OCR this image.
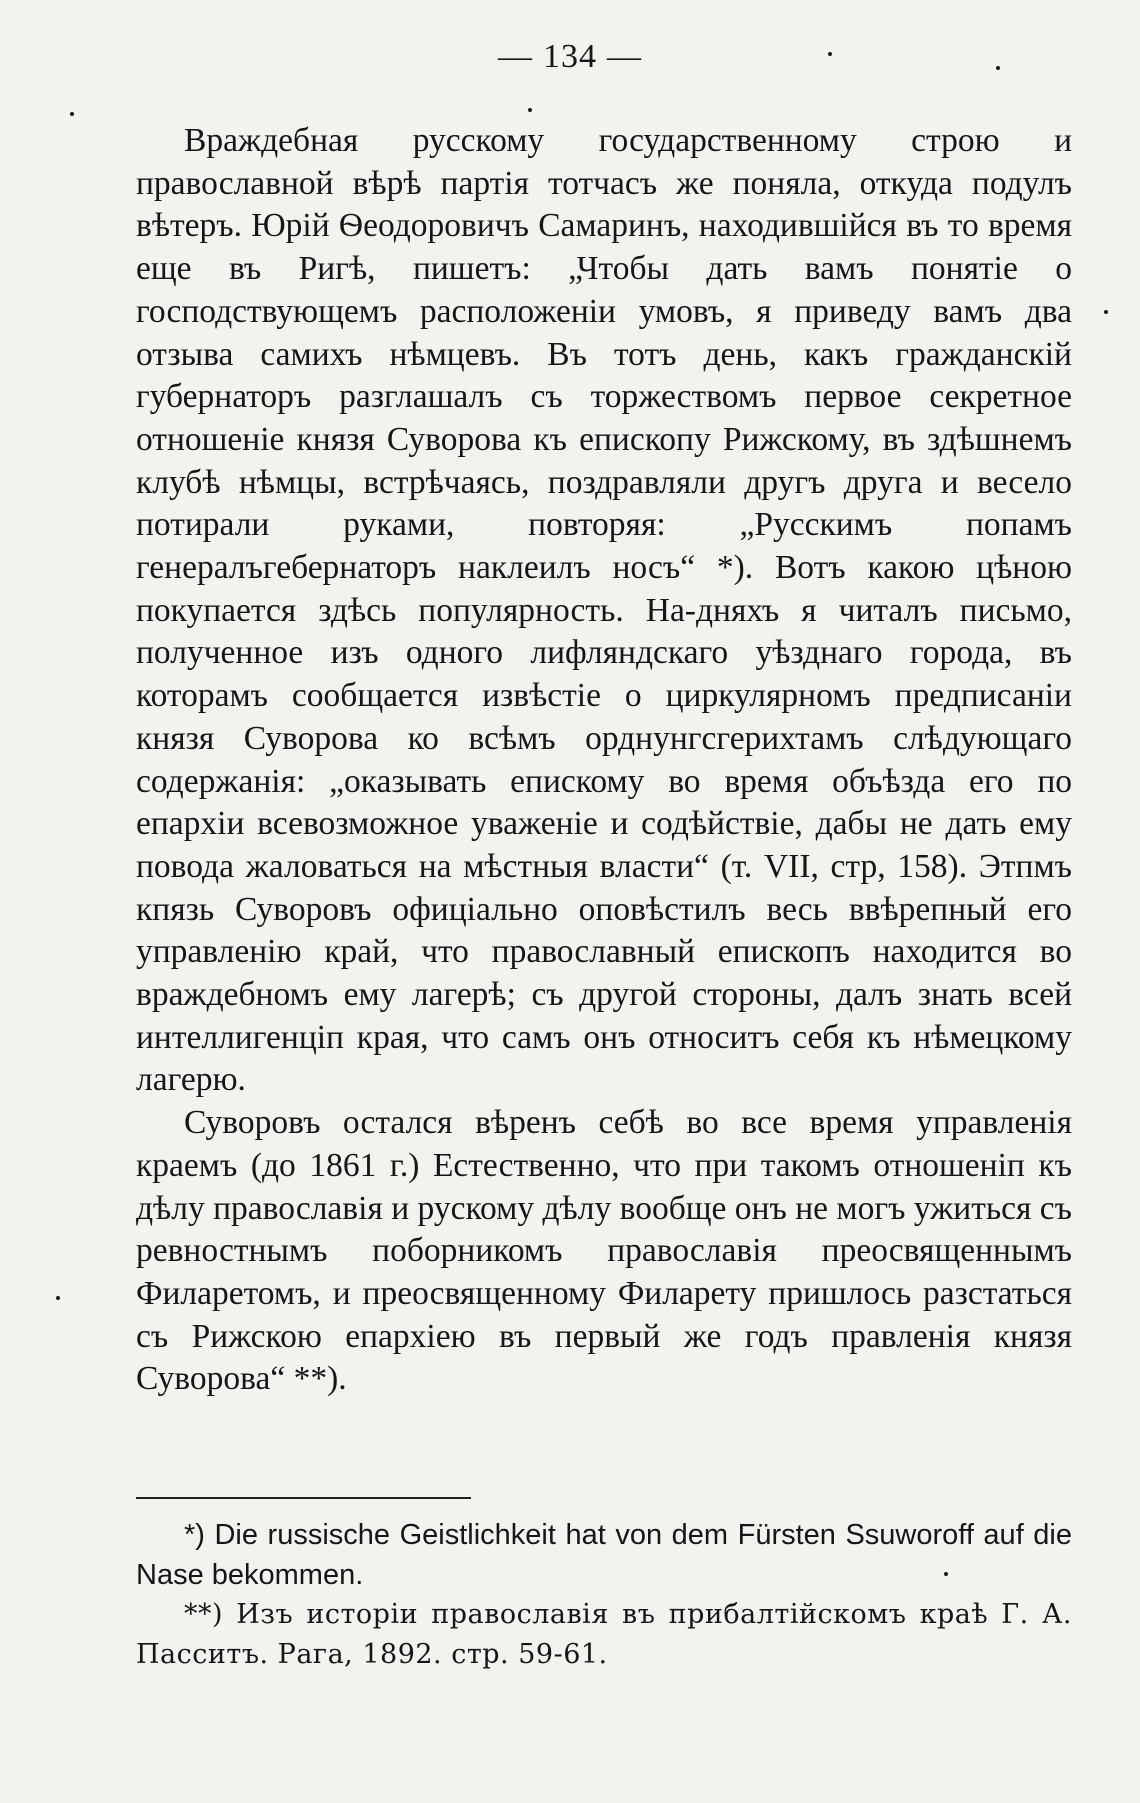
— 134 —

Враждебная русскому государственному строю и православной вѣрѣ партія тотчасъ же поняла, откуда подулъ вѣтеръ. Юрій Ѳеодоровичъ Самаринъ, находившійся въ то время еще въ Ригѣ, пишетъ: „Чтобы дать вамъ понятіе о господствующемъ расположеніи умовъ, я приведу вамъ два отзыва самихъ нѣмцевъ. Въ тотъ день, какъ гражданскій губернаторъ разглашалъ съ торжествомъ первое секретное отношеніе князя Суворова къ епископу Рижскому, въ здѣшнемъ клубѣ нѣмцы, встрѣчаясь, поздравляли другъ друга и весело потирали руками, повторяя: „Русскимъ попамъ генералъгебернаторъ наклеилъ носъ“ *). Вотъ какою цѣною покупается здѣсь популярность. На-дняхъ я читалъ письмо, полученное изъ одного лифляндскаго уѣзднаго города, въ которамъ сообщается извѣстіе о циркулярномъ предписаніи князя Суворова ко всѣмъ орднунгсгерихтамъ слѣдующаго содержанія: „оказывать епискому во время объѣзда его по епархіи всевозможное уваженіе и содѣйствіе, дабы не дать ему повода жаловаться на мѣстныя власти“ (т. VII, стр, 158). Этпмъ кпязь Суворовъ офиціально оповѣстилъ весь ввѣрепный его управленію край, что православный епископъ находится во враждебномъ ему лагерѣ; съ другой стороны, далъ знать всей интеллигенціп края, что самъ онъ относитъ себя къ нѣмецкому лагерю.

Суворовъ остался вѣренъ себѣ во все время управленія краемъ (до 1861 г.) Естественно, что при такомъ отношеніп къ дѣлу православія и рускому дѣлу вообще онъ не могъ ужиться съ ревностнымъ поборникомъ православія преосвященнымъ Филаретомъ, и преосвященному Филарету пришлось разстаться съ Рижскою епархіею въ первый же годъ правленія князя Суворова“ **).

*) Die russische Geistlichkeit hat von dem Fürsten Ssuworoff auf die Nase bekommen.

**) Изъ исторіи православія въ прибалтійскомъ краѣ Г. А. Пасситъ. Рага, 1892. стр. 59-61.
